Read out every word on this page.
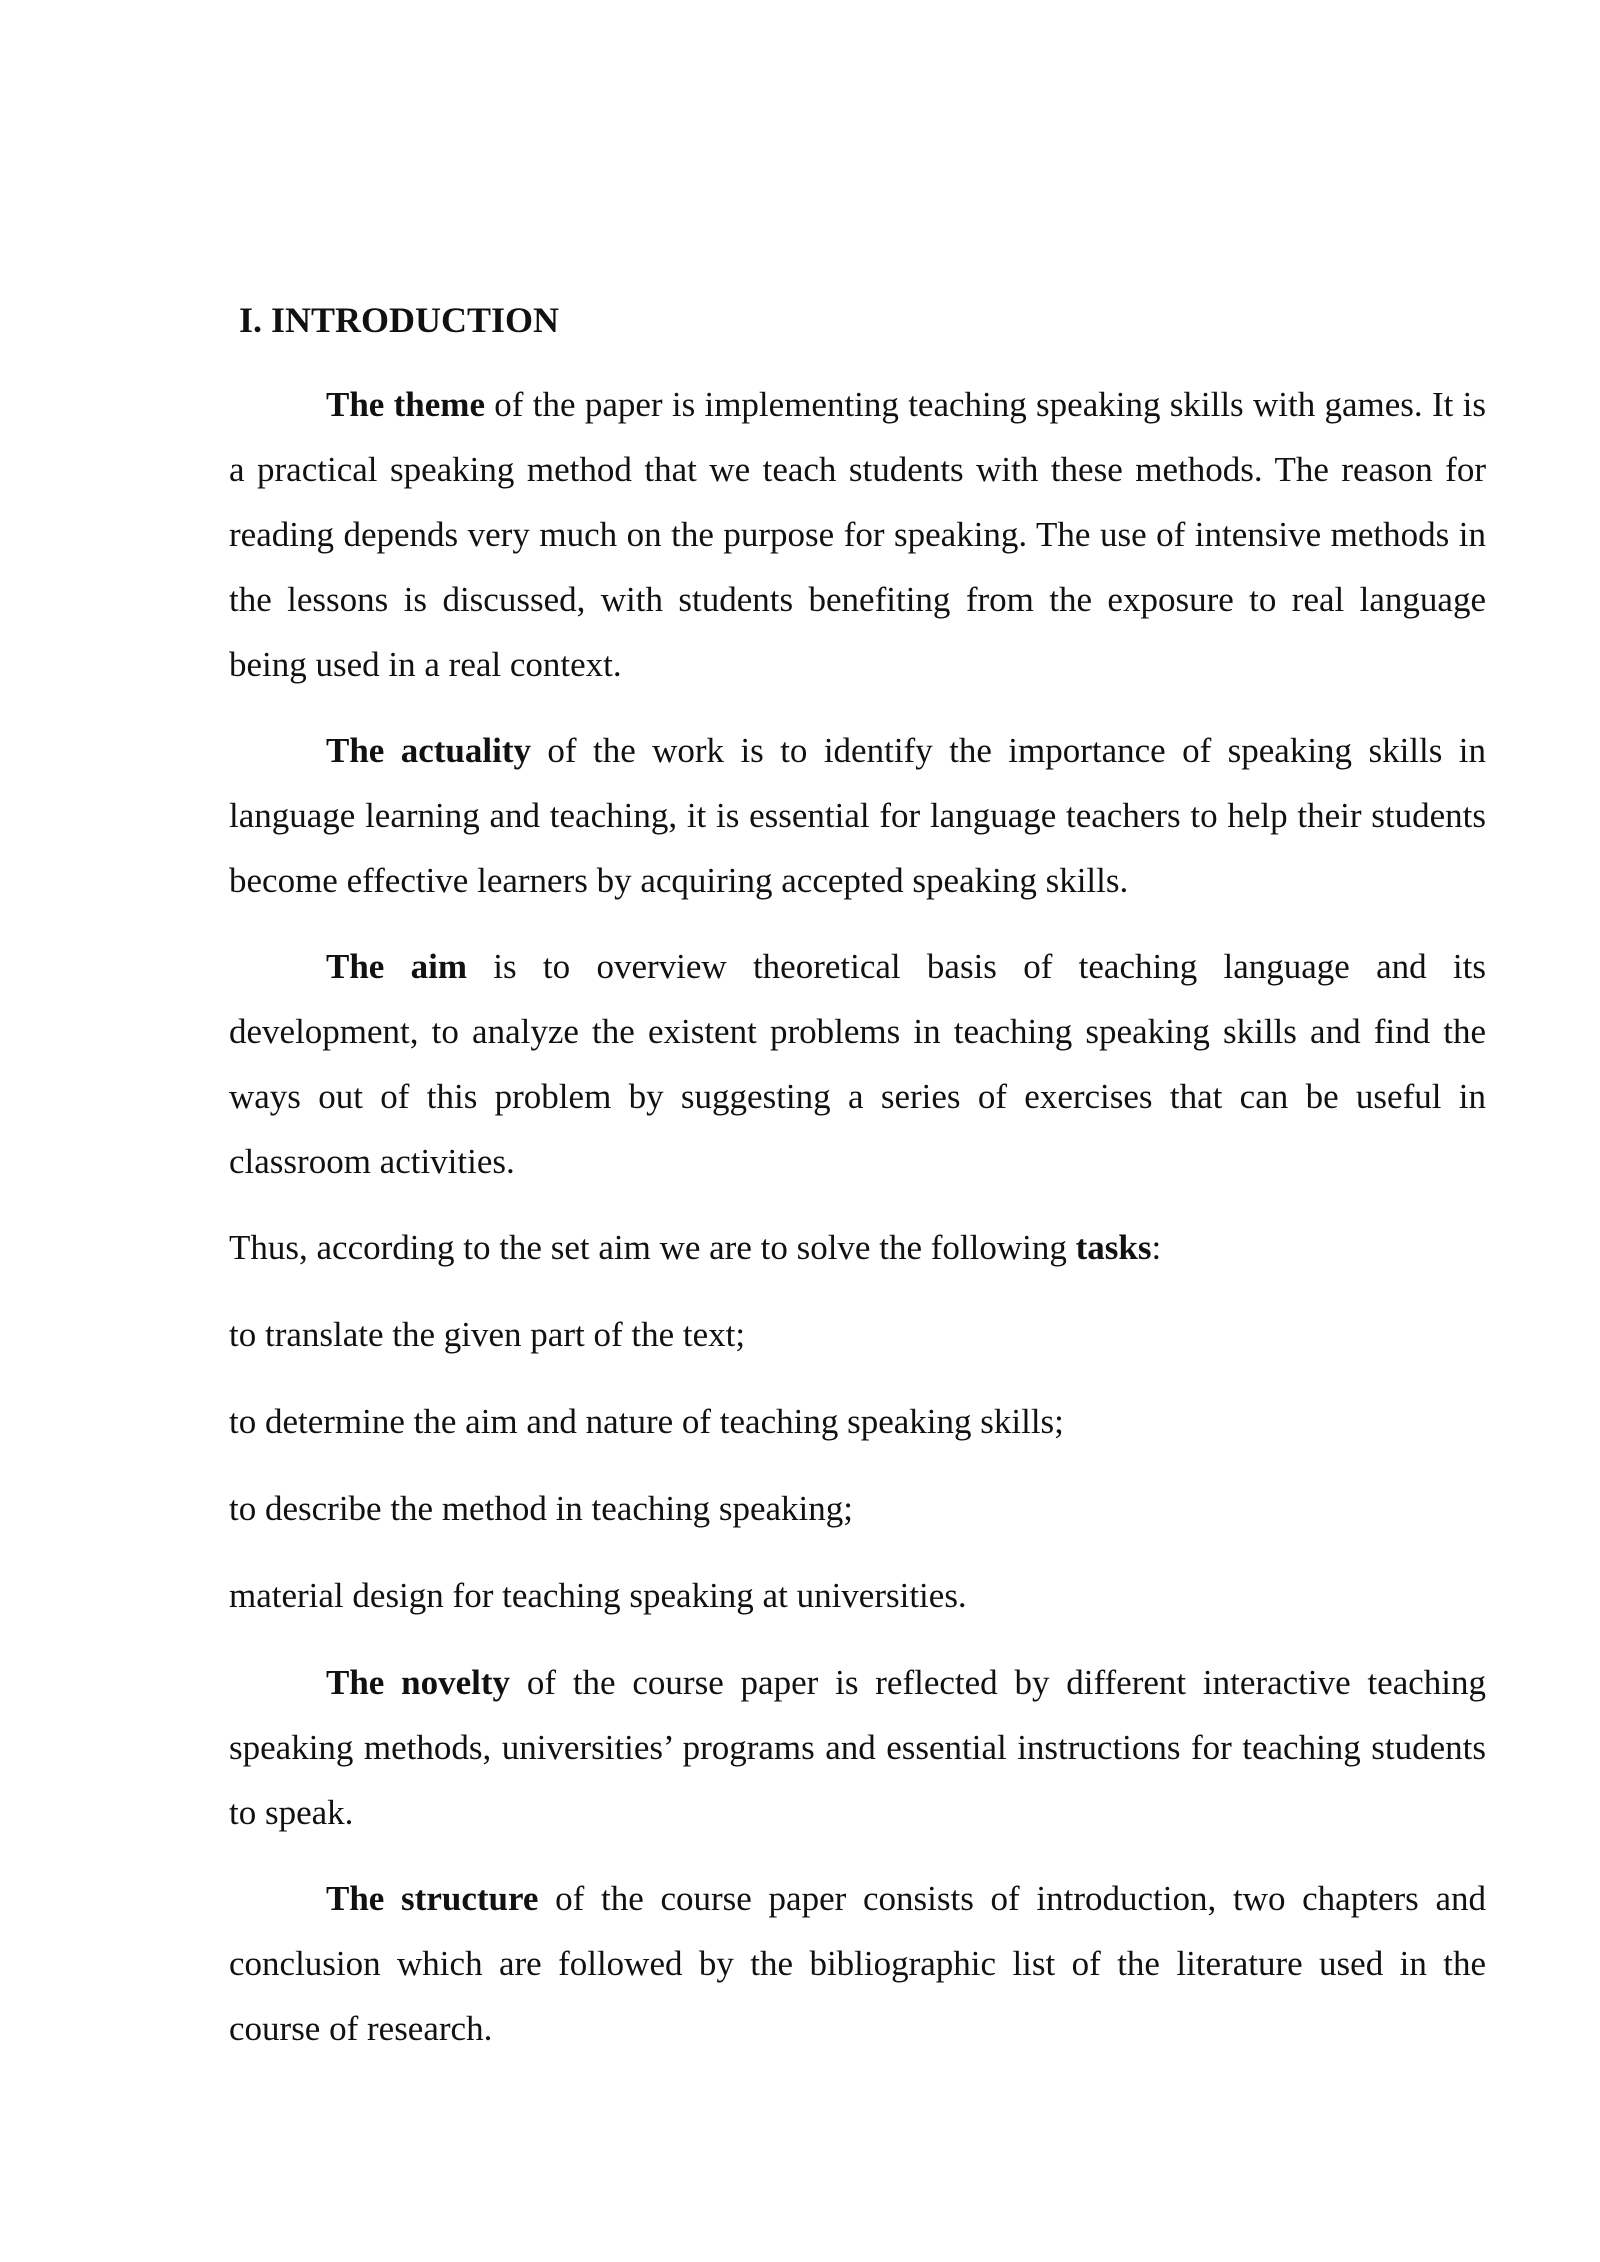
I. INTRODUCTION

The theme of the paper is implementing teaching speaking skills with games. It is a practical speaking method that we teach students with these methods. The reason for reading depends very much on the purpose for speaking. The use of intensive methods in the lessons is discussed, with students benefiting from the exposure to real language being used in a real context.

The actuality of the work is to identify the importance of speaking skills in language learning and teaching, it is essential for language teachers to help their students become effective learners by acquiring accepted speaking skills.

The aim is to overview theoretical basis of teaching language and its development, to analyze the existent problems in teaching speaking skills and find the ways out of this problem by suggesting a series of exercises that can be useful in classroom activities.

Thus, according to the set aim we are to solve the following tasks:

to translate the given part of the text;

to determine the aim and nature of teaching speaking skills;

to describe the method in teaching speaking;

material design for teaching speaking at universities.

The novelty of the course paper is reflected by different interactive teaching speaking methods, universities’ programs and essential instructions for teaching students to speak.

The structure of the course paper consists of introduction, two chapters and conclusion which are followed by the bibliographic list of the literature used in the course of research.
